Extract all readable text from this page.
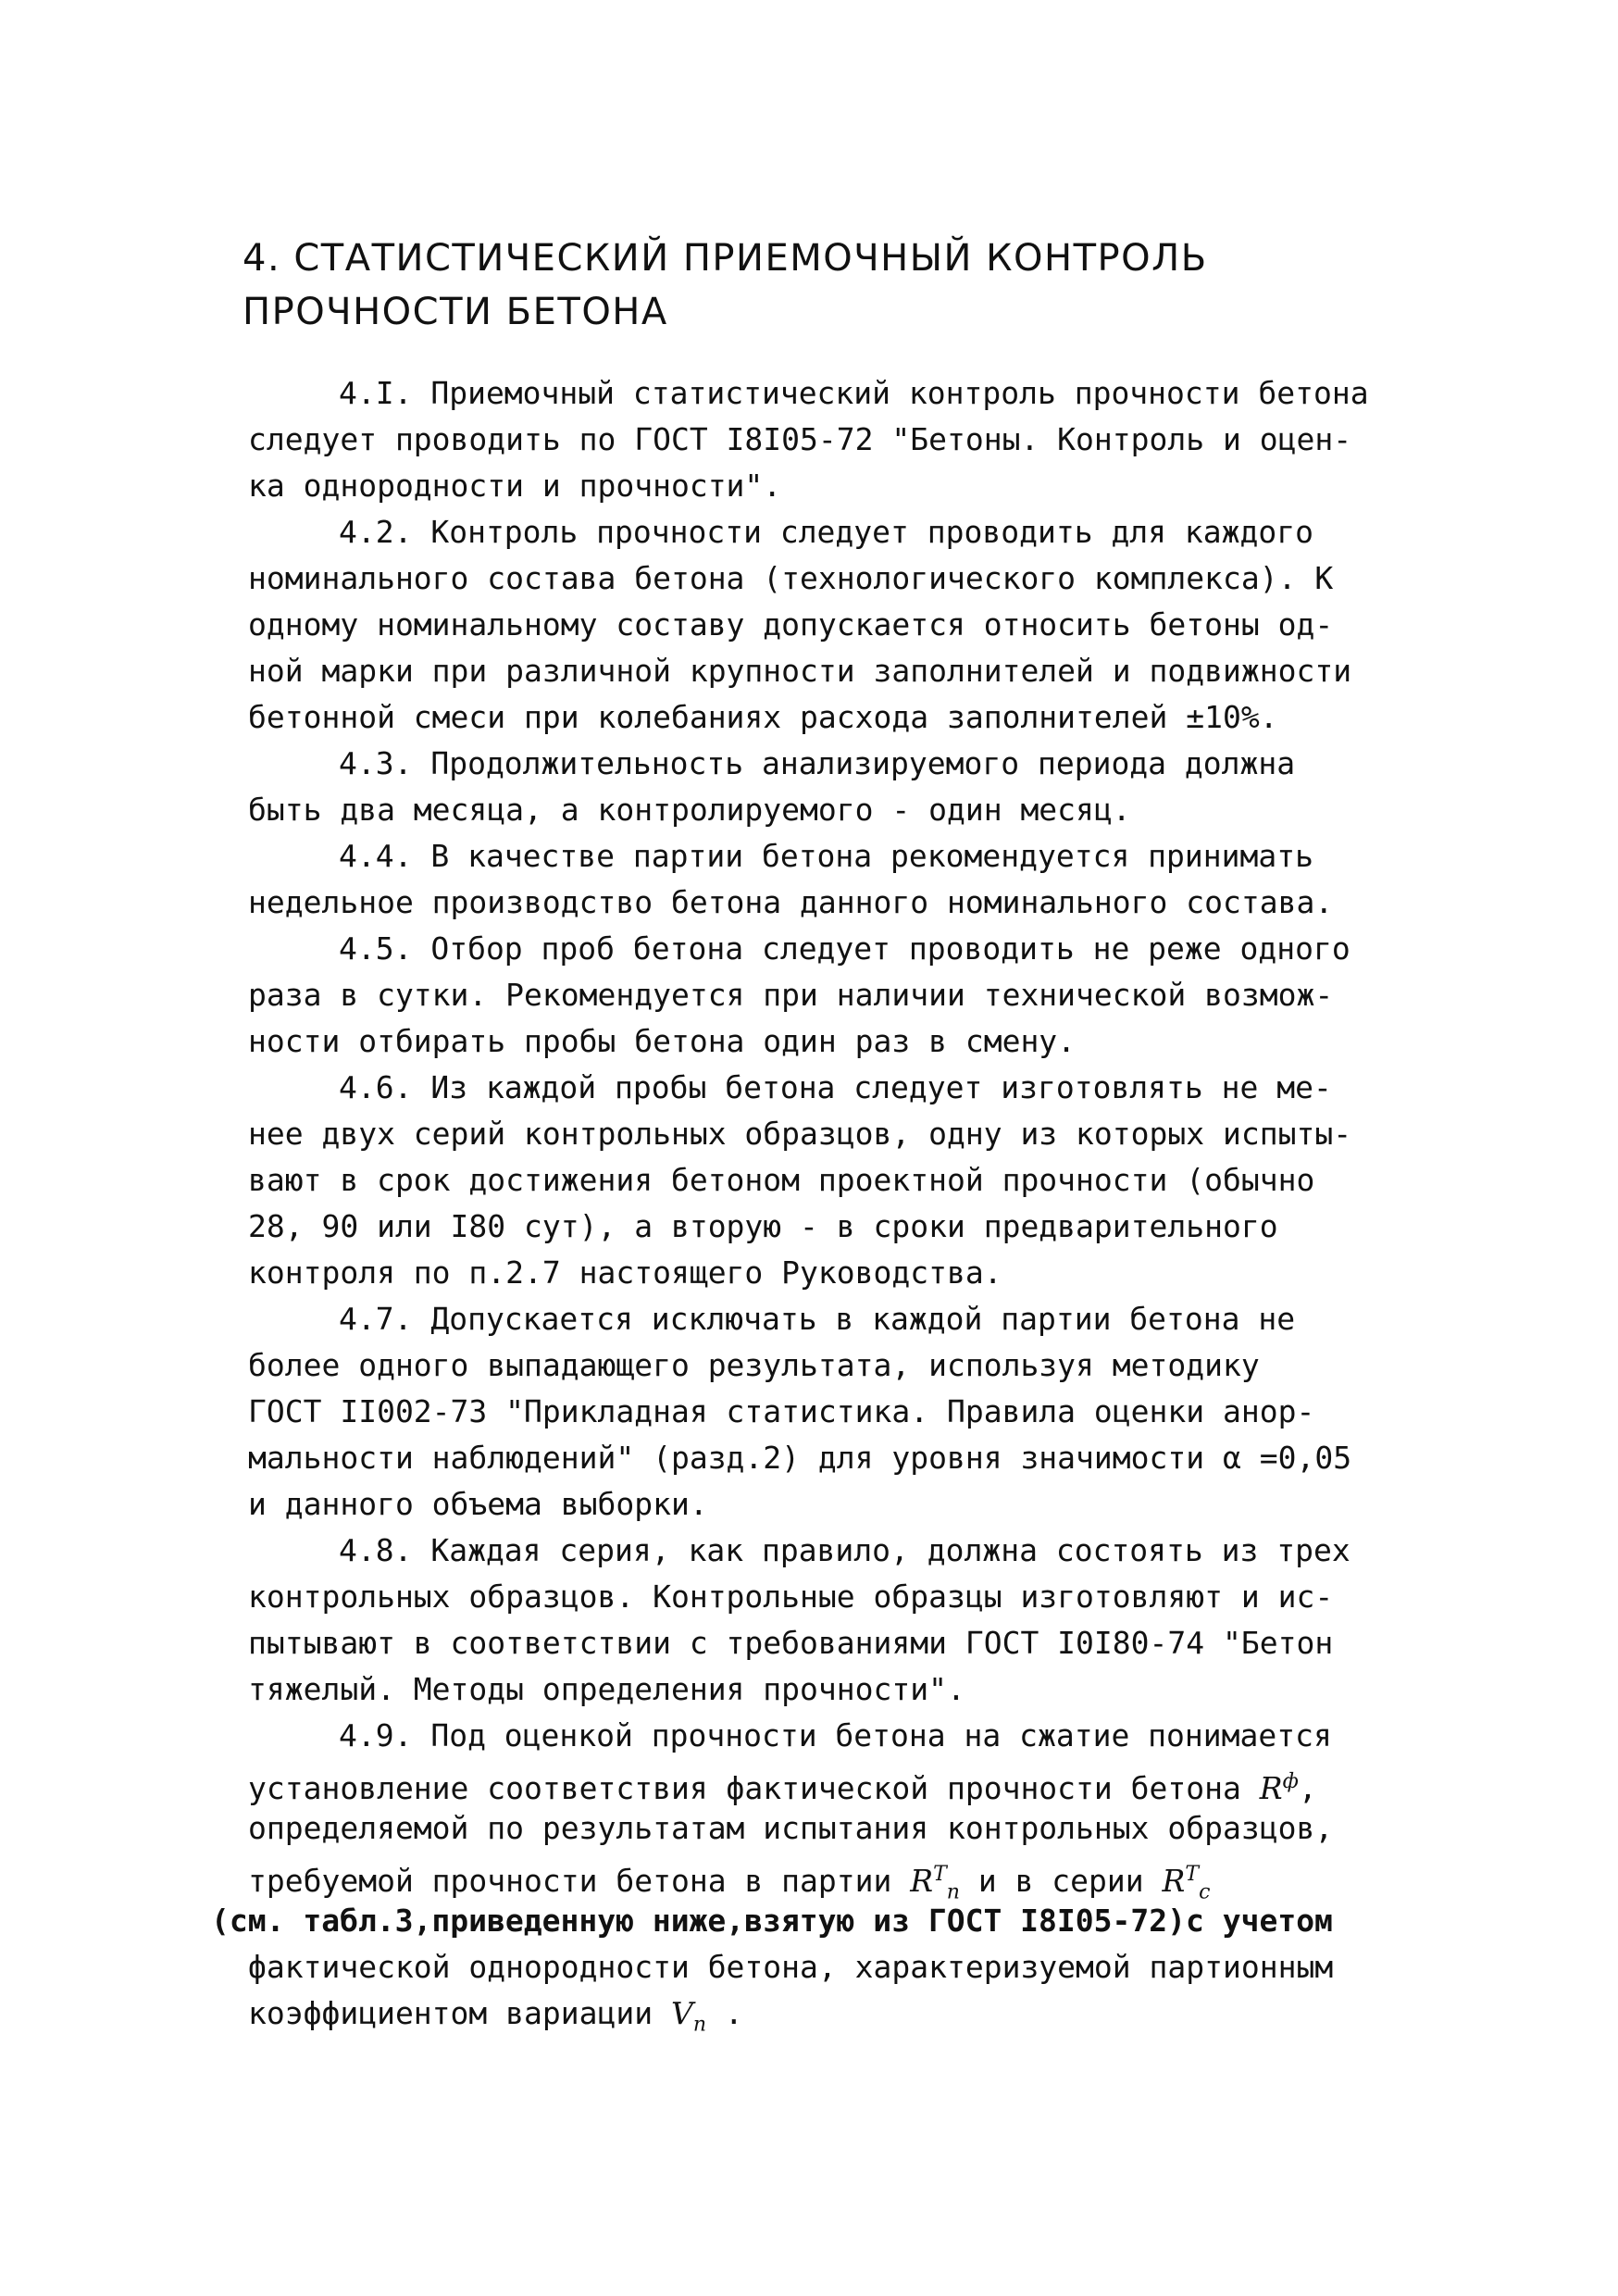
4. СТАТИСТИЧЕСКИЙ ПРИЕМОЧНЫЙ КОНТРОЛЬ
ПРОЧНОСТИ БЕТОНА
4.I. Приемочный статистический контроль прочности бетона
следует проводить по ГОСТ I8I05-72 "Бетоны. Контроль и оцен-
ка однородности и прочности".
4.2. Контроль прочности следует проводить для каждого
номинального состава бетона (технологического комплекса). К
одному номинальному составу допускается относить бетоны од-
ной марки при различной крупности заполнителей и подвижности
бетонной смеси при колебаниях расхода заполнителей ±10%.
4.3. Продолжительность анализируемого периода должна
быть два месяца, а контролируемого - один месяц.
4.4. В качестве партии бетона рекомендуется принимать
недельное производство бетона данного номинального состава.
4.5. Отбор проб бетона следует проводить не реже одного
раза в сутки. Рекомендуется при наличии технической возмож-
ности отбирать пробы бетона один раз в смену.
4.6. Из каждой пробы бетона следует изготовлять не ме-
нее двух серий контрольных образцов, одну из которых испыты-
вают в срок достижения бетоном проектной прочности (обычно
28, 90 или I80 сут), а вторую - в сроки предварительного
контроля по п.2.7 настоящего Руководства.
4.7. Допускается исключать в каждой партии бетона не
более одного выпадающего результата, используя методику
ГОСТ II002-73 "Прикладная статистика. Правила оценки анор-
мальности наблюдений" (разд.2) для уровня значимости α =0,05
и данного объема выборки.
4.8. Каждая серия, как правило, должна состоять из трех
контрольных образцов. Контрольные образцы изготовляют и ис-
пытывают в соответствии с требованиями ГОСТ I0I80-74 "Бетон
тяжелый. Методы определения прочности".
4.9. Под оценкой прочности бетона на сжатие понимается
установление соответствия фактической прочности бетона $R^ф$,
определяемой по результатам испытания контрольных образцов,
требуемой прочности бетона в партии $R^Т_п$ и в серии $R^Т_с$
(см. табл.3,приведенную ниже,взятую из ГОСТ I8I05-72)с учетом
фактической однородности бетона, характеризуемой партионным
коэффициентом вариации $V_п$ .
